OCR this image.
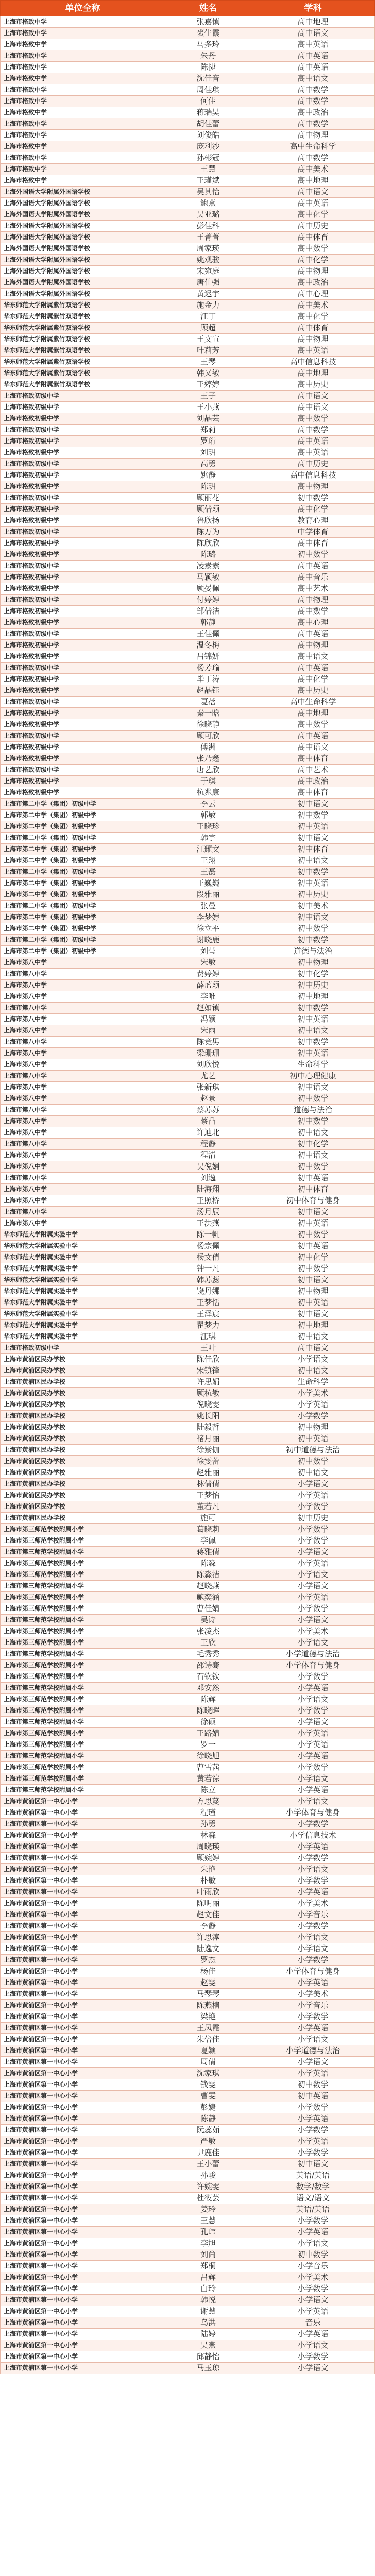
单位全称	姓名	学科
上海市格致中学	张嘉慎	高中地理
上海市格致中学	裘生霞	高中语文
上海市格致中学	马多玲	高中英语
上海市格致中学	朱丹	高中英语
上海市格致中学	陈捷	高中英语
上海市格致中学	沈佳音	高中语文
上海市格致中学	周佳琪	高中数学
上海市格致中学	何佳	高中数学
上海市格致中学	蒋瑞昊	高中政治
上海市格致中学	胡佳蕾	高中数学
上海市格致中学	刘俊皓	高中物理
上海市格致中学	庞利沙	高中生命科学
上海市格致中学	孙彬冠	高中数学
上海市格致中学	王慧	高中美术
上海市格致中学	王瑾斌	高中地理
上海外国语大学附属外国语学校	吴其怡	高中语文
上海外国语大学附属外国语学校	鲍燕	高中英语
上海外国语大学附属外国语学校	吴亚璐	高中化学
上海外国语大学附属外国语学校	彭佳科	高中历史
上海外国语大学附属外国语学校	王菁菁	高中体育
上海外国语大学附属外国语学校	周家瑛	高中数学
上海外国语大学附属外国语学校	姚观骏	高中化学
上海外国语大学附属外国语学校	宋宛庭	高中物理
上海外国语大学附属外国语学校	唐仕强	高中政治
上海外国语大学附属外国语学校	黄迟宇	高中心理
华东师范大学附属紫竹双语学校	施金力	高中美术
华东师范大学附属紫竹双语学校	汪丁	高中化学
华东师范大学附属紫竹双语学校	顾超	高中体育
华东师范大学附属紫竹双语学校	王文宣	高中物理
华东师范大学附属紫竹双语学校	叶莉芳	高中英语
华东师范大学附属紫竹双语学校	王琴	高中信息科技
华东师范大学附属紫竹双语学校	韩又敏	高中地理
华东师范大学附属紫竹双语学校	王婷婷	高中历史
上海市格致初级中学	王子	高中语文
上海市格致初级中学	王小燕	高中语文
上海市格致初级中学	刘晶芸	高中数学
上海市格致初级中学	郑莉	高中数学
上海市格致初级中学	罗珩	高中英语
上海市格致初级中学	刘玥	高中英语
上海市格致初级中学	高勇	高中历史
上海市格致初级中学	姚静	高中信息科技
上海市格致初级中学	陈玥	高中物理
上海市格致初级中学	顾丽花	初中数学
上海市格致初级中学	顾倩颖	高中化学
上海市格致初级中学	鲁欣扬	教育心理
上海市格致初级中学	陈万为	中学体育
上海市格致初级中学	陈欣欣	高中体育
上海市格致初级中学	陈璐	初中数学
上海市格致初级中学	凌素素	高中英语
上海市格致初级中学	马颖敏	高中音乐
上海市格致初级中学	顾晏佩	高中艺术
上海市格致初级中学	付婷婷	高中物理
上海市格致初级中学	邹倩洁	高中数学
上海市格致初级中学	郭静	高中心理
上海市格致初级中学	王佳佩	高中英语
上海市格致初级中学	温冬梅	高中物理
上海市格致初级中学	吕锦妍	高中语文
上海市格致初级中学	杨芳瑜	高中英语
上海市格致初级中学	毕丁涛	高中化学
上海市格致初级中学	赵晶钰	高中历史
上海市格致初级中学	夏蓓	高中生命科学
上海市格致初级中学	秦一晗	高中地理
上海市格致初级中学	徐晓静	高中数学
上海市格致初级中学	顾可欣	高中英语
上海市格致初级中学	傅洲	高中语文
上海市格致初级中学	张乃鑫	高中体育
上海市格致初级中学	唐艺欣	高中艺术
上海市格致初级中学	于琪	高中政治
上海市格致初级中学	杭兆康	高中体育
上海市第二中学（集团）初级中学	李云	初中语文
上海市第二中学（集团）初级中学	郭敏	初中数学
上海市第二中学（集团）初级中学	王晓珍	初中英语
上海市第二中学（集团）初级中学	韩宇	初中语文
上海市第二中学（集团）初级中学	江耀文	初中体育
上海市第二中学（集团）初级中学	王翔	初中语文
上海市第二中学（集团）初级中学	王磊	初中数学
上海市第二中学（集团）初级中学	王巍巍	初中英语
上海市第二中学（集团）初级中学	段雅丽	初中历史
上海市第二中学（集团）初级中学	张曼	初中美术
上海市第二中学（集团）初级中学	李梦婷	初中语文
上海市第二中学（集团）初级中学	徐立平	初中数学
上海市第二中学（集团）初级中学	谢晓鹿	初中数学
上海市第二中学（集团）初级中学	刘莹	道德与法治
上海市第八中学	宋敏	初中物理
上海市第八中学	费婷婷	初中化学
上海市第八中学	薛蓝颖	初中历史
上海市第八中学	李唯	初中地理
上海市第八中学	赵如镇	初中数学
上海市第八中学	冯颖	初中英语
上海市第八中学	宋雨	初中语文
上海市第八中学	陈竞男	初中数学
上海市第八中学	梁珊珊	初中英语
上海市第八中学	刘欣悦	生命科学
上海市第八中学	尤艺	初中心理健康
上海市第八中学	张新琪	初中语文
上海市第八中学	赵景	初中数学
上海市第八中学	蔡苏苏	道德与法治
上海市第八中学	蔡凸	初中数学
上海市第八中学	许迪北	初中语文
上海市第八中学	程静	初中化学
上海市第八中学	程清	初中语文
上海市第八中学	吴倪娟	初中数学
上海市第八中学	刘逸	初中英语
上海市第八中学	陆海翔	初中体育
上海市第八中学	王照桥	初中体育与健身
上海市第八中学	汤月辰	初中语文
上海市第八中学	王洪燕	初中英语
华东师范大学附属实验中学	陈一帆	初中数学
华东师范大学附属实验中学	杨宗佩	初中英语
华东师范大学附属实验中学	杨文倩	初中化学
华东师范大学附属实验中学	钟一凡	初中数学
华东师范大学附属实验中学	韩苏蕊	初中语文
华东师范大学附属实验中学	饶丹娜	初中物理
华东师范大学附属实验中学	王梦恬	初中英语
华东师范大学附属实验中学	王泽宸	初中语文
华东师范大学附属实验中学	瞿梦力	初中地理
华东师范大学附属实验中学	江琪	初中语文
上海市格致初级中学	王叶	高中语文
上海市黄浦区民办学校	陈佳欣	小学语文
上海市黄浦区民办学校	宋镇锋	初中语文
上海市黄浦区民办学校	许思娟	生命科学
上海市黄浦区民办学校	顾杭敏	小学美术
上海市黄浦区民办学校	倪晓雯	小学英语
上海市黄浦区民办学校	姚长阳	小学数学
上海市黄浦区民办学校	陆毅哲	初中物理
上海市黄浦区民办学校	褚月丽	初中英语
上海市黄浦区民办学校	徐紫伽	初中道德与法治
上海市黄浦区民办学校	徐雯蕾	初中数学
上海市黄浦区民办学校	赵雅丽	初中语文
上海市黄浦区民办学校	林倩倩	小学语文
上海市黄浦区民办学校	王梦怡	小学英语
上海市黄浦区民办学校	董若凡	小学数学
上海市黄浦区民办学校	施可	初中历史
上海市第三师范学校附属小学	葛晓莉	小学数学
上海市第三师范学校附属小学	李佩	小学数学
上海市第三师范学校附属小学	蒋雅倩	小学语文
上海市第三师范学校附属小学	陈淼	小学英语
上海市第三师范学校附属小学	陈淼洁	小学语文
上海市第三师范学校附属小学	赵晓燕	小学语文
上海市第三师范学校附属小学	鲍奕涵	小学英语
上海市第三师范学校附属小学	曹佳婧	小学数学
上海市第三师范学校附属小学	吴诗	小学语文
上海市第三师范学校附属小学	张凌杰	小学美术
上海市第三师范学校附属小学	王欣	小学语文
上海市第三师范学校附属小学	毛秀秀	小学道德与法治
上海市第三师范学校附属小学	邵诗骞	小学体育与健身
上海市第三师范学校附属小学	石钦钦	小学数学
上海市第三师范学校附属小学	邓安然	小学英语
上海市第三师范学校附属小学	陈辉	小学语文
上海市第三师范学校附属小学	陈晓晖	小学数学
上海市第三师范学校附属小学	徐硕	小学语文
上海市第三师范学校附属小学	王路婧	小学英语
上海市第三师范学校附属小学	罗一	小学英语
上海市第三师范学校附属小学	徐晓旭	小学英语
上海市第三师范学校附属小学	曹雪茜	小学数学
上海市第三师范学校附属小学	黄若淙	小学语文
上海市第三师范学校附属小学	陈立	小学英语
上海市黄浦区第一中心小学	方思蔓	小学语文
上海市黄浦区第一中心小学	程瑾	小学体育与健身
上海市黄浦区第一中心小学	孙勇	小学数学
上海市黄浦区第一中心小学	林森	小学信息技术
上海市黄浦区第一中心小学	周晓瑛	小学英语
上海市黄浦区第一中心小学	顾婉婷	小学数学
上海市黄浦区第一中心小学	朱艳	小学语文
上海市黄浦区第一中心小学	朴敏	小学数学
上海市黄浦区第一中心小学	叶雨欣	小学英语
上海市黄浦区第一中心小学	陈明丽	小学美术
上海市黄浦区第一中心小学	赵文佳	小学音乐
上海市黄浦区第一中心小学	李静	小学数学
上海市黄浦区第一中心小学	许思淳	小学语文
上海市黄浦区第一中心小学	陆逸文	小学语文
上海市黄浦区第一中心小学	罗杰	小学数学
上海市黄浦区第一中心小学	杨佳	小学体育与健身
上海市黄浦区第一中心小学	赵雯	小学英语
上海市黄浦区第一中心小学	马琴琴	小学美术
上海市黄浦区第一中心小学	陈燕楠	小学音乐
上海市黄浦区第一中心小学	梁艳	小学数学
上海市黄浦区第一中心小学	王凤霞	小学英语
上海市黄浦区第一中心小学	朱倍佳	小学语文
上海市黄浦区第一中心小学	夏颖	小学道德与法治
上海市黄浦区第一中心小学	周倩	小学语文
上海市黄浦区第一中心小学	沈家琪	小学英语
上海市黄浦区第一中心小学	钱雯	初中数学
上海市黄浦区第一中心小学	曹雯	初中英语
上海市黄浦区第一中心小学	彭婕	小学数学
上海市黄浦区第一中心小学	陈静	小学英语
上海市黄浦区第一中心小学	阮蕊茹	小学数学
上海市黄浦区第一中心小学	严敏	小学英语
上海市黄浦区第一中心小学	尹鹿佳	小学数学
上海市黄浦区第一中心小学	王小蕾	初中语文
上海市黄浦区第一中心小学	孙峻	英语/英语
上海市黄浦区第一中心小学	许婉雯	数学/数学
上海市黄浦区第一中心小学	杜筱芸	语文/语文
上海市黄浦区第一中心小学	姜玲	英语/英语
上海市黄浦区第一中心小学	王慧	小学数学
上海市黄浦区第一中心小学	孔玮	小学英语
上海市黄浦区第一中心小学	李旭	小学语文
上海市黄浦区第一中心小学	刘尚	初中数学
上海市黄浦区第一中心小学	郑桐	小学音乐
上海市黄浦区第一中心小学	吕辉	小学美术
上海市黄浦区第一中心小学	白玲	小学数学
上海市黄浦区第一中心小学	韩悦	小学语文
上海市黄浦区第一中心小学	谢慧	小学英语
上海市黄浦区第一中心小学	乌洪	音乐
上海市黄浦区第一中心小学	陆婷	小学英语
上海市黄浦区第一中心小学	吴燕	小学语文
上海市黄浦区第一中心小学	邱静怡	小学数学
上海市黄浦区第一中心小学	马玉琼	小学语文
